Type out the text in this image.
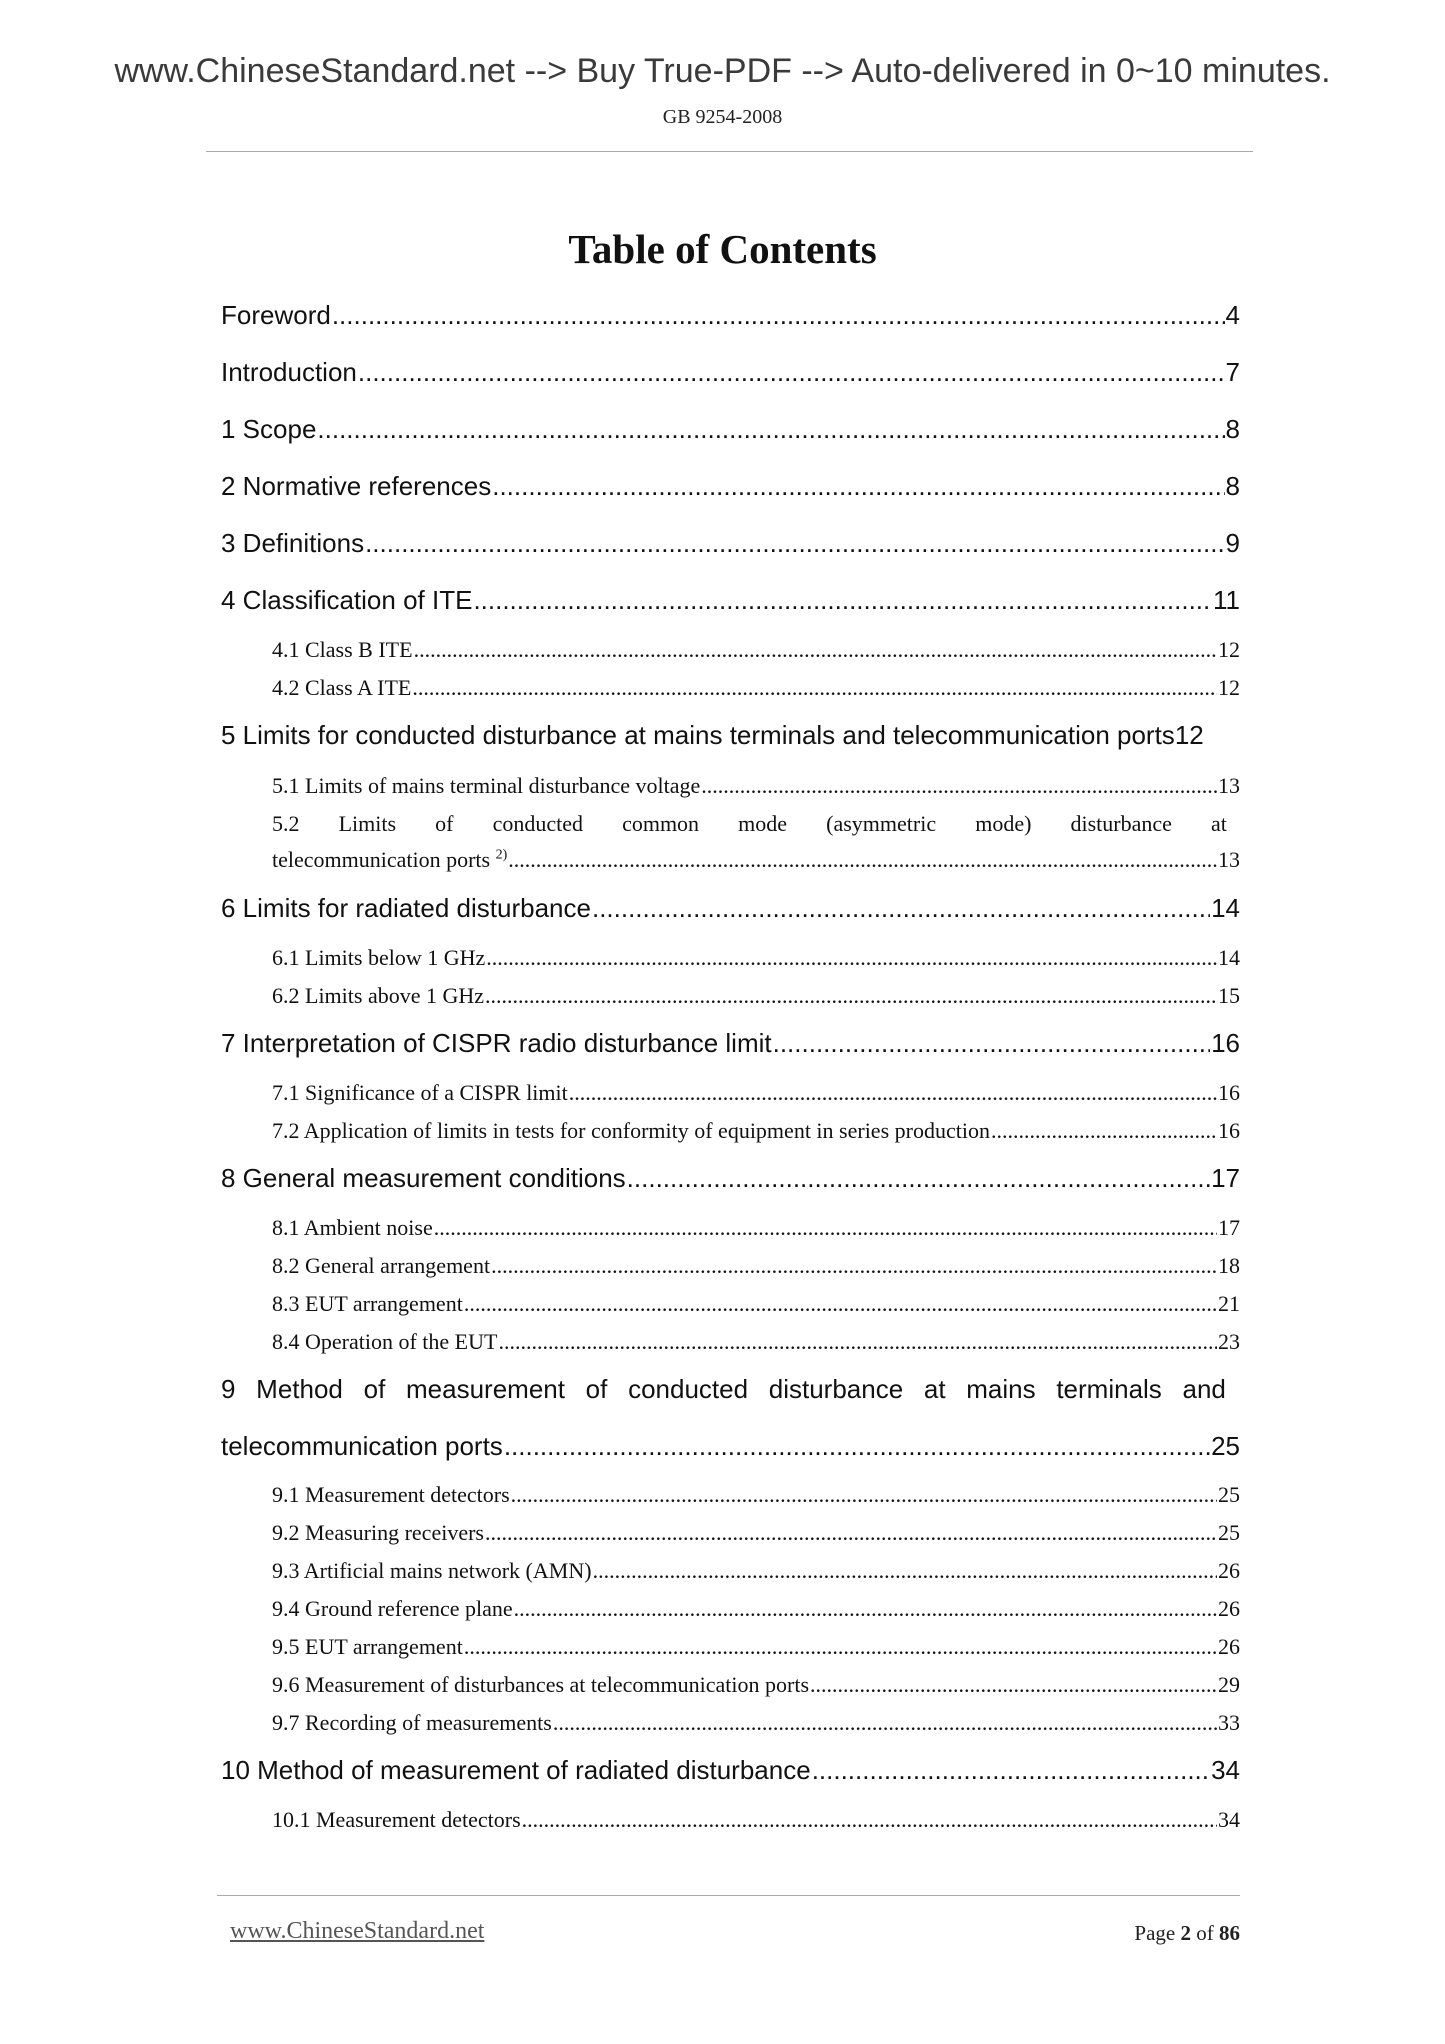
www.ChineseStandard.net --> Buy True-PDF --> Auto-delivered in 0~10 minutes.
GB 9254-2008
Table of Contents
Foreword .....	4
Introduction .....	7
1 Scope .....	8
2 Normative references .....	8
3 Definitions .....	9
4 Classification of ITE .....	11
4.1 Class B ITE .....	12
4.2 Class A ITE .....	12
5 Limits for conducted disturbance at mains terminals and telecommunication ports 12
5.1 Limits of mains terminal disturbance voltage .....	13
5.2 Limits of conducted common mode (asymmetric mode) disturbance at
telecommunication ports $^{2)}$ .....	13
6 Limits for radiated disturbance .....	14
6.1 Limits below 1 GHz .....	14
6.2 Limits above 1 GHz .....	15
7 Interpretation of CISPR radio disturbance limit .....	16
7.1 Significance of a CISPR limit .....	16
7.2 Application of limits in tests for conformity of equipment in series production .....	16
8 General measurement conditions .....	17
8.1 Ambient noise .....	17
8.2 General arrangement .....	18
8.3 EUT arrangement .....	21
8.4 Operation of the EUT .....	23
9 Method of measurement of conducted disturbance at mains terminals and
telecommunication ports .....	25
9.1 Measurement detectors .....	25
9.2 Measuring receivers .....	25
9.3 Artificial mains network (AMN) .....	26
9.4 Ground reference plane .....	26
9.5 EUT arrangement .....	26
9.6 Measurement of disturbances at telecommunication ports .....	29
9.7 Recording of measurements .....	33
10 Method of measurement of radiated disturbance .....	34
10.1 Measurement detectors .....	34
www.ChineseStandard.net	Page 2 of 86
